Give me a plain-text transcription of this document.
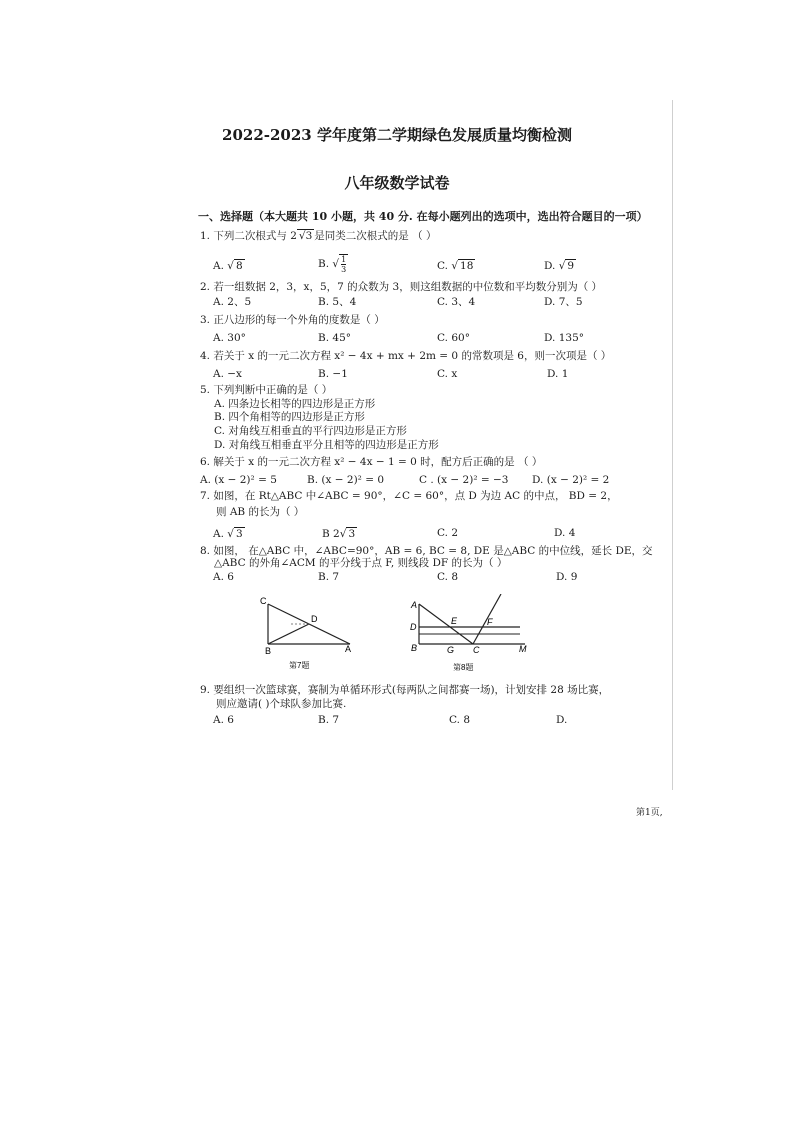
2022-2023 学年度第二学期绿色发展质量均衡检测
八年级数学试卷
一、选择题（本大题共 10 小题，共 40 分. 在每小题列出的选项中，选出符合题目的一项）
1. 下列二次根式与 2 √3 是同类二次根式的是 （ ）
A. √ 8	B. √ $\frac{1}{3}$	C. √ 18	D. √ 9
2. 若一组数据 2，3，x，5，7 的众数为 3，则这组数据的中位数和平均数分别为（ ）
A. 2、5	B. 5、4	C. 3、4	D. 7、5
3. 正八边形的每一个外角的度数是（ ）
A. 30°	B. 45°	C. 60°	D. 135°
4. 若关于 x 的一元二次方程 x² − 4x + mx + 2m = 0 的常数项是 6，则一次项是（ ）
A. −x	B. −1	C. x	D. 1
5. 下列判断中正确的是（ ）
A. 四条边长相等的四边形是正方形
B. 四个角相等的四边形是正方形
C. 对角线互相垂直的平行四边形是正方形
D. 对角线互相垂直平分且相等的四边形是正方形
6. 解关于 x 的一元二次方程 x² − 4x − 1 = 0 时，配方后正确的是 （ ）
A. (x − 2)² = 5	B. (x − 2)² = 0	C . (x − 2)² = −3 D. (x − 2)² = 2
7. 如图，在 Rt△ABC 中∠ABC = 90°，∠C = 60°，点 D 为边 AC 的中点， BD = 2，
则 AB 的长为（ ）
A. √ 3	B 2√ 3	C. 2	D. 4
8. 如图， 在△ABC 中，∠ABC=90°，AB = 6, BC = 8, DE 是△ABC 的中位线，延长 DE，交
△ABC 的外角∠ACM 的平分线于点 F, 则线段 DF 的长为（ ）
A. 6	B. 7	C. 8	D. 9
C
D
B	A
第7题
A
D
E	F
B	G C	M
第8题
9. 要组织一次篮球赛，赛制为单循环形式(每两队之间都赛一场)，计划安排 28 场比赛，
则应邀请( )个球队参加比赛.
A. 6	B. 7	C. 8	D.
第1页,
